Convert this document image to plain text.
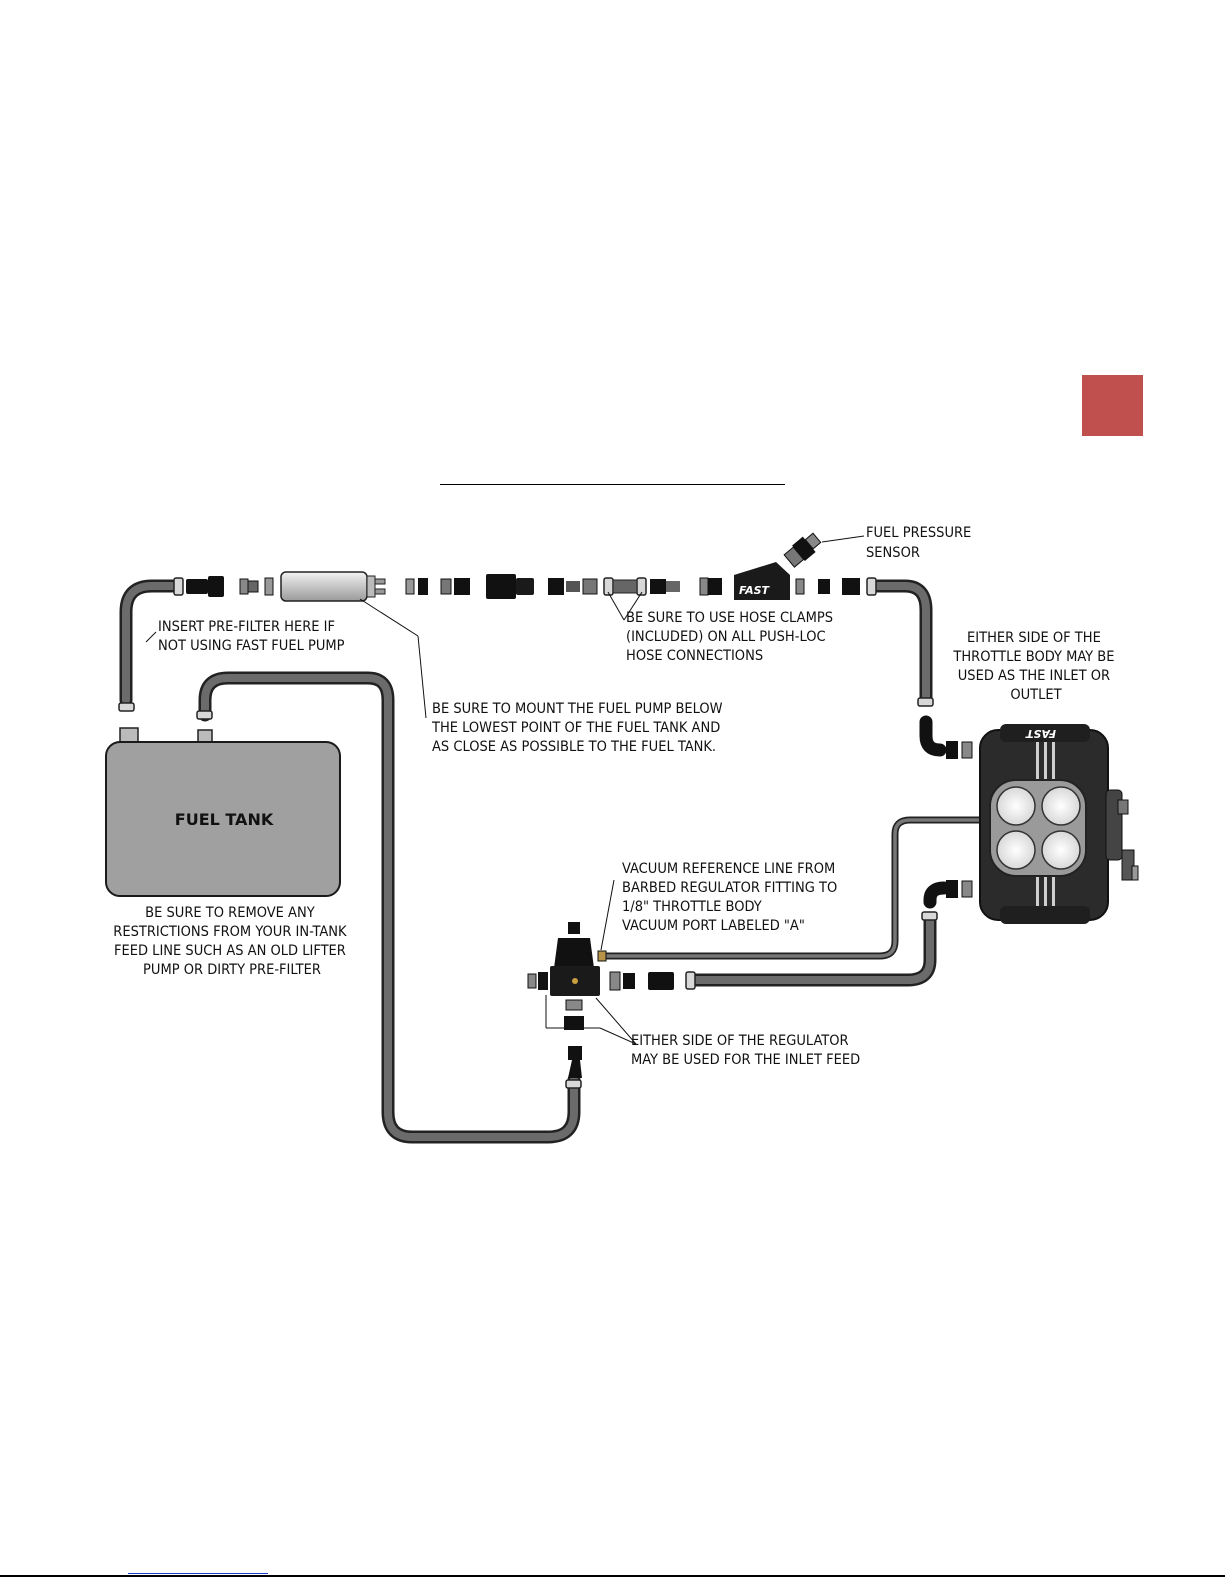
FUEL TANK
FAST
FAST
FUEL PRESSURE SENSOR
INSERT PRE-FILTER HERE IF NOT USING FAST FUEL PUMP
BE SURE TO USE HOSE CLAMPS (INCLUDED) ON ALL PUSH-LOC HOSE CONNECTIONS
EITHER SIDE OF THE THROTTLE BODY MAY BE USED AS THE INLET OR OUTLET
BE SURE TO MOUNT THE FUEL PUMP BELOW THE LOWEST POINT OF THE FUEL TANK AND AS CLOSE AS POSSIBLE TO THE FUEL TANK.
BE SURE TO REMOVE ANY RESTRICTIONS FROM YOUR IN-TANK FEED LINE SUCH AS AN OLD LIFTER PUMP OR DIRTY PRE-FILTER
VACUUM REFERENCE LINE FROM BARBED REGULATOR FITTING TO 1/8" THROTTLE BODY VACUUM PORT LABELED "A"
EITHER SIDE OF THE REGULATOR MAY BE USED FOR THE INLET FEED
